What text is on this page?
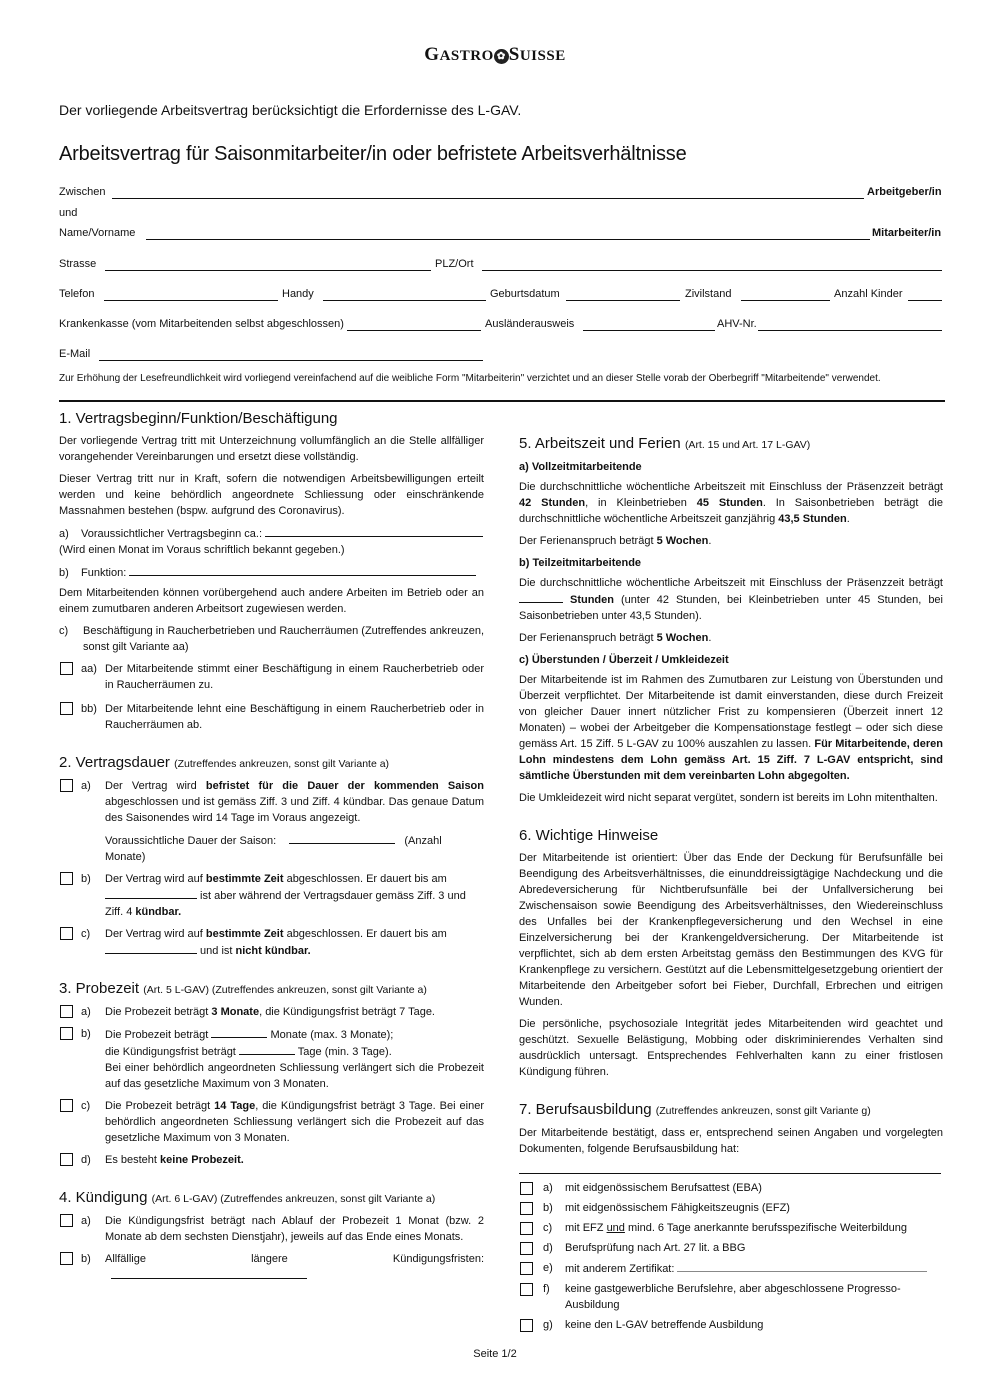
GASTRO ✿ SUISSE
Der vorliegende Arbeitsvertrag berücksichtigt die Erfordernisse des L-GAV.
Arbeitsvertrag für Saisonmitarbeiter/in oder befristete Arbeitsverhältnisse
Zwischen	Arbeitgeber/in
und
Name/Vorname	Mitarbeiter/in
Strasse	PLZ/Ort
Telefon	Handy	Geburtsdatum	Zivilstand	Anzahl Kinder
Krankenkasse (vom Mitarbeitenden selbst abgeschlossen)	Ausländerausweis	AHV-Nr.
E-Mail
Zur Erhöhung der Lesefreundlichkeit wird vorliegend vereinfachend auf die weibliche Form "Mitarbeiterin" verzichtet und an dieser Stelle vorab der Oberbegriff "Mitarbeitende" verwendet.
1. Vertragsbeginn/Funktion/Beschäftigung

Der vorliegende Vertrag tritt mit Unterzeichnung vollumfänglich an die Stelle allfälliger vorangehender Vereinbarungen und ersetzt diese vollständig.

Dieser Vertrag tritt nur in Kraft, sofern die notwendigen Arbeitsbewilligungen erteilt werden und keine behördlich angeordnete Schliessung oder einschränkende Massnahmen bestehen (bspw. aufgrund des Coronavirus).

a) Voraussichtlicher Vertragsbeginn ca.:

(Wird einen Monat im Voraus schriftlich bekannt gegeben.)

b) Funktion:

Dem Mitarbeitenden können vorübergehend auch andere Arbeiten im Betrieb oder an einem zumutbaren anderen Arbeitsort zugewiesen werden.

c) Beschäftigung in Raucherbetrieben und Raucherräumen (Zutreffendes ankreuzen, sonst gilt Variante aa)
aa) Der Mitarbeitende stimmt einer Beschäftigung in einem Raucherbetrieb oder in Raucherräumen zu.
bb) Der Mitarbeitende lehnt eine Beschäftigung in einem Raucherbetrieb oder in Raucherräumen ab.
2. Vertragsdauer (Zutreffendes ankreuzen, sonst gilt Variante a)
a) Der Vertrag wird befristet für die Dauer der kommenden Saison abgeschlossen und ist gemäss Ziff. 3 und Ziff. 4 kündbar. Das genaue Datum des Saisonendes wird 14 Tage im Voraus angezeigt.
Voraussichtliche Dauer der Saison:	(Anzahl Monate)
b) Der Vertrag wird auf bestimmte Zeit abgeschlossen. Er dauert bis am
ist aber während der Vertragsdauer gemäss Ziff. 3 und
Ziff. 4 kündbar.
c) Der Vertrag wird auf bestimmte Zeit abgeschlossen. Er dauert bis am
und ist nicht kündbar.
3. Probezeit (Art. 5 L-GAV) (Zutreffendes ankreuzen, sonst gilt Variante a)
a) Die Probezeit beträgt 3 Monate, die Kündigungsfrist beträgt 7 Tage.
b) Die Probezeit beträgt	Monate (max. 3 Monate);
die Kündigungsfrist beträgt	Tage (min. 3 Tage).

Bei einer behördlich angeordneten Schliessung verlängert sich die Probezeit auf das gesetzliche Maximum von 3 Monaten.
c) Die Probezeit beträgt 14 Tage, die Kündigungsfrist beträgt 3 Tage. Bei einer behördlich angeordneten Schliessung verlängert sich die Probezeit auf das gesetzliche Maximum von 3 Monaten.
d) Es besteht keine Probezeit.
4. Kündigung (Art. 6 L-GAV) (Zutreffendes ankreuzen, sonst gilt Variante a)
a) Die Kündigungsfrist beträgt nach Ablauf der Probezeit 1 Monat (bzw. 2 Monate ab dem sechsten Dienstjahr), jeweils auf das Ende eines Monats.
b) Allfällige längere Kündigungsfristen:
5. Arbeitszeit und Ferien (Art. 15 und Art. 17 L-GAV)
a) Vollzeitmitarbeitende

Die durchschnittliche wöchentliche Arbeitszeit mit Einschluss der Präsenzzeit beträgt 42 Stunden, in Kleinbetrieben 45 Stunden. In Saisonbetrieben beträgt die durchschnittliche wöchentliche Arbeitszeit ganzjährig 43,5 Stunden.

Der Ferienanspruch beträgt 5 Wochen.

b) Teilzeitmitarbeitende

Die durchschnittliche wöchentliche Arbeitszeit mit Einschluss der Präsenzzeit beträgt  Stunden (unter 42 Stunden, bei Kleinbetrieben unter 45 Stunden, bei Saisonbetrieben unter 43,5 Stunden).

Der Ferienanspruch beträgt 5 Wochen.

c) Überstunden / Überzeit / Umkleidezeit

Der Mitarbeitende ist im Rahmen des Zumutbaren zur Leistung von Überstunden und Überzeit verpflichtet. Der Mitarbeitende ist damit einverstanden, diese durch Freizeit von gleicher Dauer innert nützlicher Frist zu kompensieren (Überzeit innert 12 Monaten) – wobei der Arbeitgeber die Kompensationstage festlegt – oder sich diese gemäss Art. 15 Ziff. 5 L-GAV zu 100% auszahlen zu lassen. Für Mitarbeitende, deren Lohn mindestens dem Lohn gemäss Art. 15 Ziff. 7 L-GAV entspricht, sind sämtliche Überstunden mit dem vereinbarten Lohn abgegolten.

Die Umkleidezeit wird nicht separat vergütet, sondern ist bereits im Lohn mitenthalten.

6. Wichtige Hinweise

Der Mitarbeitende ist orientiert: Über das Ende der Deckung für Berufsunfälle bei Beendigung des Arbeitsverhältnisses, die einunddreissigtägige Nachdeckung und die Abredeversicherung für Nichtberufsunfälle bei der Unfallversicherung bei Zwischensaison sowie Beendigung des Arbeitsverhältnisses, den Wiedereinschluss des Unfalles bei der Krankenpflegeversicherung und den Wechsel in eine Einzelversicherung bei der Krankengeldversicherung. Der Mitarbeitende ist verpflichtet, sich ab dem ersten Arbeitstag gemäss den Bestimmungen des KVG für Krankenpflege zu versichern. Gestützt auf die Lebensmittelgesetzgebung orientiert der Mitarbeitende den Arbeitgeber sofort bei Fieber, Durchfall, Erbrechen und eitrigen Wunden.

Die persönliche, psychosoziale Integrität jedes Mitarbeitenden wird geachtet und geschützt. Sexuelle Belästigung, Mobbing oder diskriminierendes Verhalten sind ausdrücklich untersagt. Entsprechendes Fehlverhalten kann zu einer fristlosen Kündigung führen.

7. Berufsausbildung (Zutreffendes ankreuzen, sonst gilt Variante g)

Der Mitarbeitende bestätigt, dass er, entsprechend seinen Angaben und vorgelegten Dokumenten, folgende Berufsausbildung hat:

a) mit eidgenössischem Berufsattest (EBA)
b) mit eidgenössischem Fähigkeitszeugnis (EFZ)
c) mit EFZ und mind. 6 Tage anerkannte berufsspezifische Weiterbildung
d) Berufsprüfung nach Art. 27 lit. a BBG
e) mit anderem Zertifikat:
f) keine gastgewerbliche Berufslehre, aber abgeschlossene Progresso-Ausbildung
g) keine den L-GAV betreffende Ausbildung
Seite 1/2
